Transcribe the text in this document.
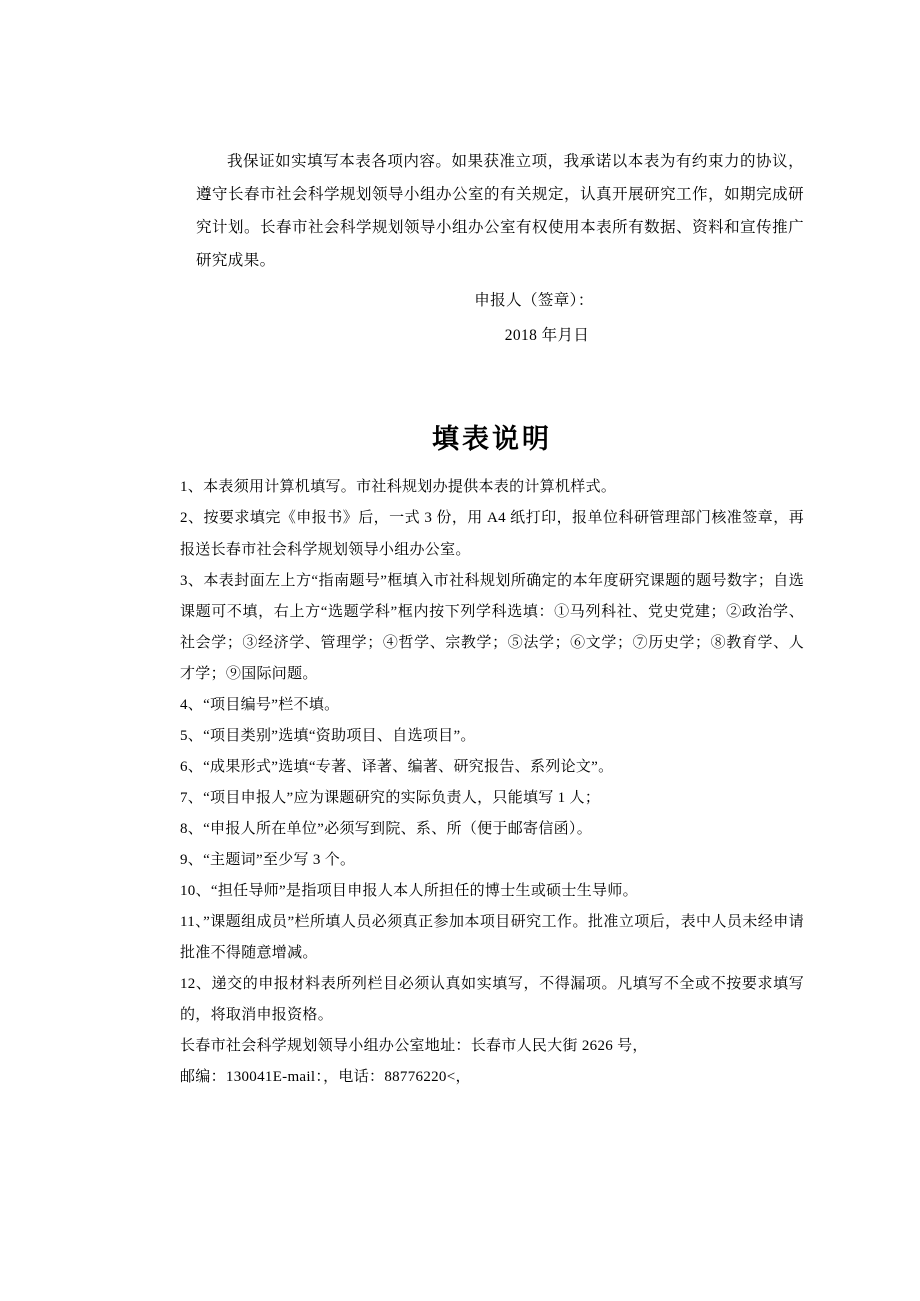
我保证如实填写本表各项内容。如果获准立项，我承诺以本表为有约束力的协议，遵守长春市社会科学规划领导小组办公室的有关规定，认真开展研究工作，如期完成研究计划。长春市社会科学规划领导小组办公室有权使用本表所有数据、资料和宣传推广研究成果。

申报人（签章）：
2018 年月日
填表说明

1、本表须用计算机填写。市社科规划办提供本表的计算机样式。

2、按要求填完《申报书》后，一式 3 份，用 A4 纸打印，报单位科研管理部门核准签章，再报送长春市社会科学规划领导小组办公室。

3、本表封面左上方“指南题号”框填入市社科规划所确定的本年度研究课题的题号数字；自选课题可不填，右上方“选题学科”框内按下列学科选填：①马列科社、党史党建；②政治学、社会学；③经济学、管理学；④哲学、宗教学；⑤法学；⑥文学；⑦历史学；⑧教育学、人才学；⑨国际问题。

4、“项目编号”栏不填。

5、“项目类别”选填“资助项目、自选项目”。

6、“成果形式”选填“专著、译著、编著、研究报告、系列论文”。

7、“项目申报人”应为课题研究的实际负责人，只能填写 1 人；

8、“申报人所在单位”必须写到院、系、所（便于邮寄信函）。

9、“主题词”至少写 3 个。

10、“担任导师”是指项目申报人本人所担任的博士生或硕士生导师。

11、”课题组成员”栏所填人员必须真正参加本项目研究工作。批准立项后，表中人员未经申请批准不得随意增减。

12、递交的申报材料表所列栏目必须认真如实填写，不得漏项。凡填写不全或不按要求填写的，将取消申报资格。

长春市社会科学规划领导小组办公室地址：长春市人民大街 2626 号，

邮编：130041E-mail：，电话：88776220<，
